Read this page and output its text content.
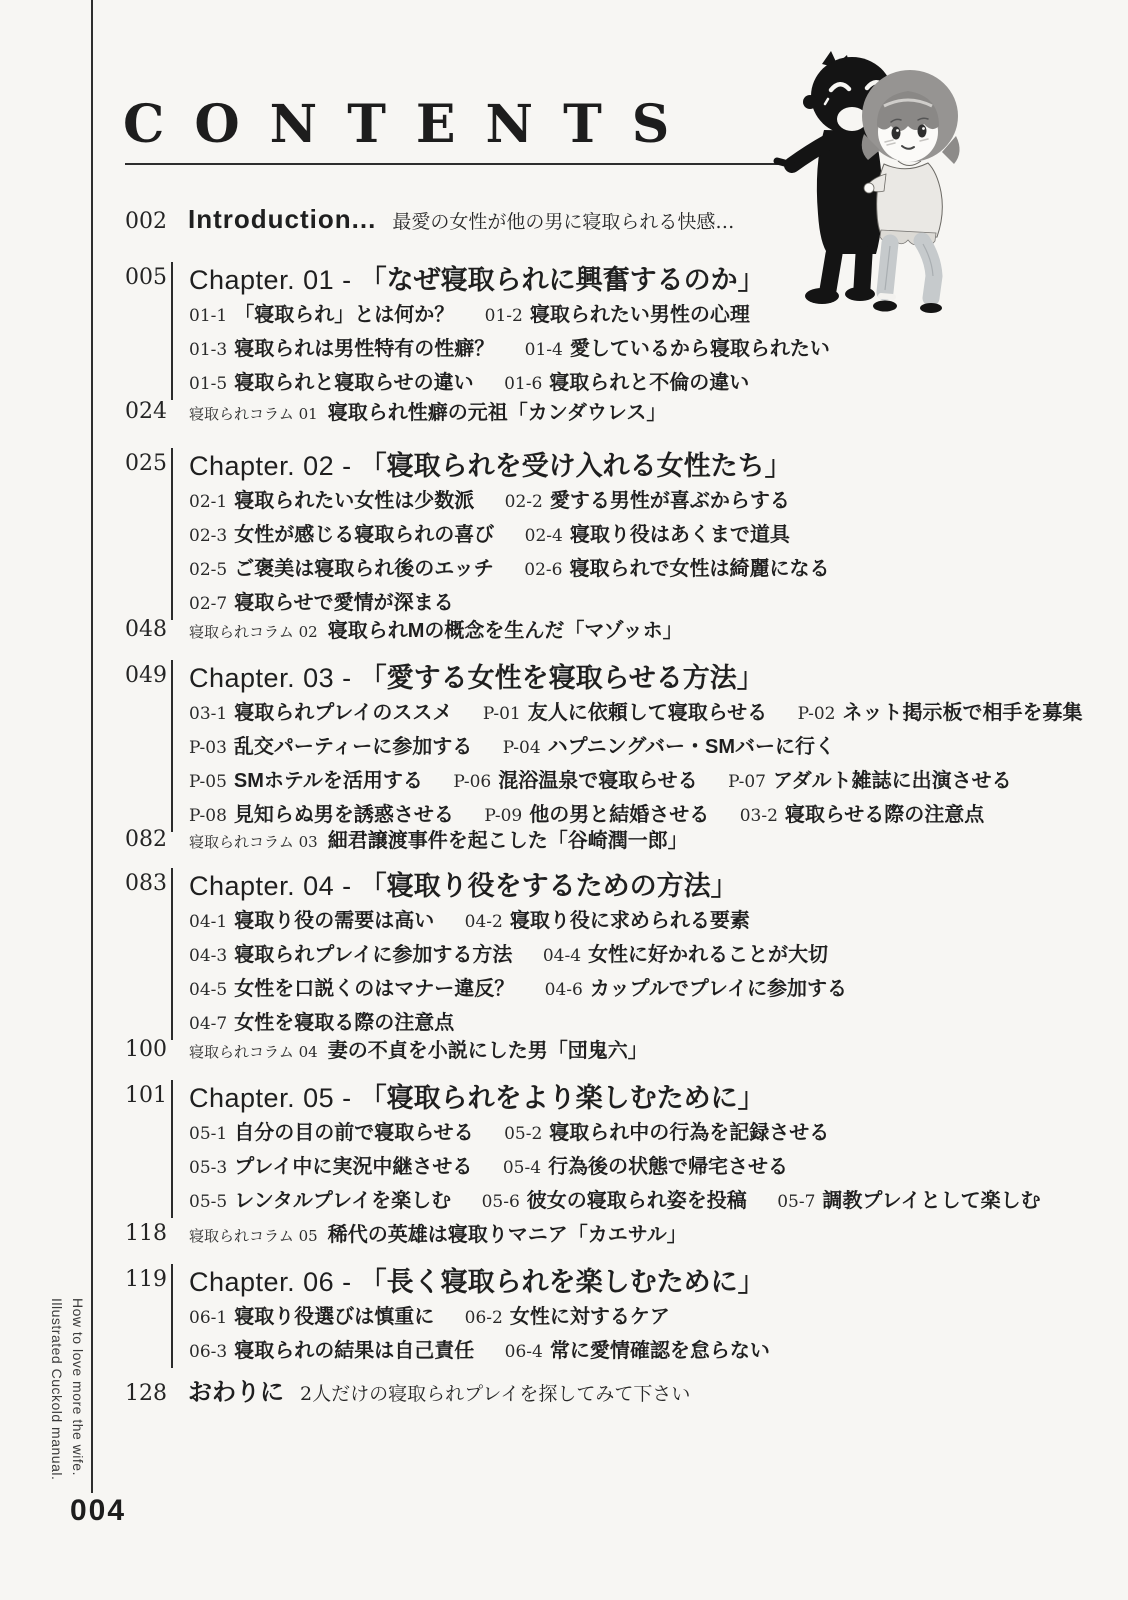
CONTENTS
002 Introduction... 最愛の女性が他の男に寝取られる快感…
005 Chapter. 01 - 「なぜ寝取られに興奮するのか」
01-1 「寝取られ」とは何か？ 01-2 寝取られたい男性の心理
01-3 寝取られは男性特有の性癖？ 01-4 愛しているから寝取られたい
01-5 寝取られと寝取らせの違い 01-6 寝取られと不倫の違い
024 寝取られコラム 01 寝取られ性癖の元祖「カンダウレス」
025 Chapter. 02 - 「寝取られを受け入れる女性たち」
02-1 寝取られたい女性は少数派 02-2 愛する男性が喜ぶからする
02-3 女性が感じる寝取られの喜び 02-4 寝取り役はあくまで道具
02-5 ご褒美は寝取られ後のエッチ 02-6 寝取られで女性は綺麗になる
02-7 寝取らせで愛情が深まる
048 寝取られコラム 02 寝取られMの概念を生んだ「マゾッホ」
049 Chapter. 03 - 「愛する女性を寝取らせる方法」
03-1 寝取られプレイのススメ P-01 友人に依頼して寝取らせる P-02 ネット掲示板で相手を募集
P-03 乱交パーティーに参加する P-04 ハプニングバー・SMバーに行く
P-05 SMホテルを活用する P-06 混浴温泉で寝取らせる P-07 アダルト雑誌に出演させる
P-08 見知らぬ男を誘惑させる P-09 他の男と結婚させる 03-2 寝取らせる際の注意点
082 寝取られコラム 03 細君譲渡事件を起こした「谷崎潤一郎」
083 Chapter. 04 - 「寝取り役をするための方法」
04-1 寝取り役の需要は高い 04-2 寝取り役に求められる要素
04-3 寝取られプレイに参加する方法 04-4 女性に好かれることが大切
04-5 女性を口説くのはマナー違反？ 04-6 カップルでプレイに参加する
04-7 女性を寝取る際の注意点
100 寝取られコラム 04 妻の不貞を小説にした男「団鬼六」
101 Chapter. 05 - 「寝取られをより楽しむために」
05-1 自分の目の前で寝取らせる 05-2 寝取られ中の行為を記録させる
05-3 プレイ中に実況中継させる 05-4 行為後の状態で帰宅させる
05-5 レンタルプレイを楽しむ 05-6 彼女の寝取られ姿を投稿 05-7 調教プレイとして楽しむ
118 寝取られコラム 05 稀代の英雄は寝取りマニア「カエサル」
119 Chapter. 06 - 「長く寝取られを楽しむために」
06-1 寝取り役選びは慎重に 06-2 女性に対するケア
06-3 寝取られの結果は自己責任 06-4 常に愛情確認を怠らない
128 おわりに 2人だけの寝取られプレイを探してみて下さい
How to love more the wife.
Illustrated Cuckold manual.
004
